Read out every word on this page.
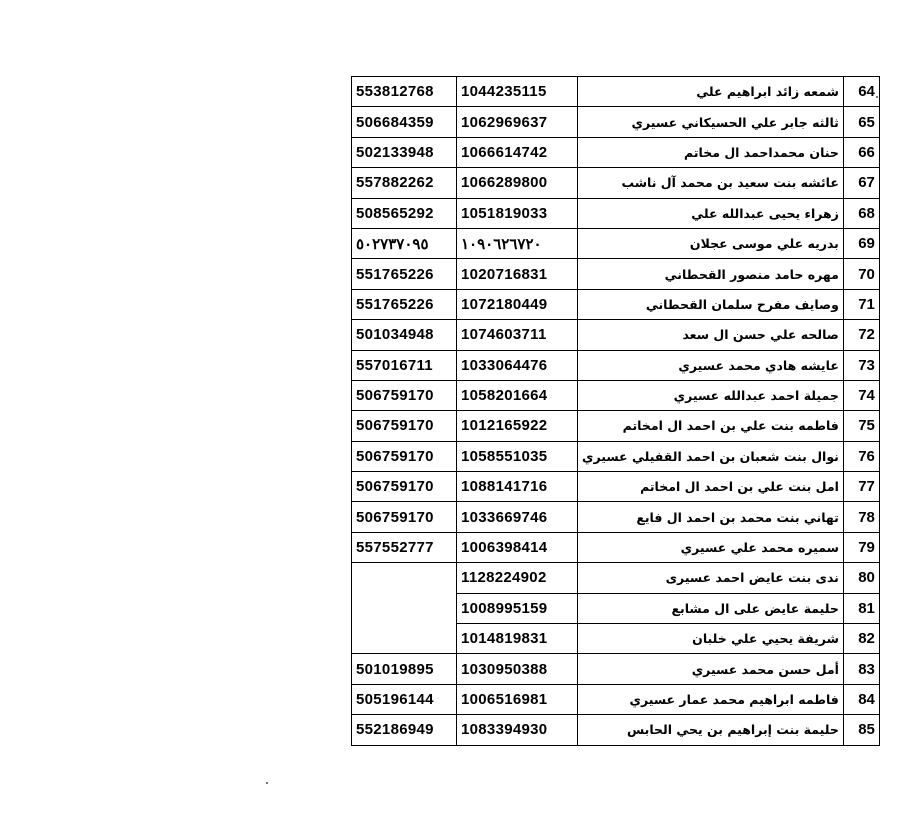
553812768	1044235115	شمعه زائد ابراهيم علي	64
506684359	1062969637	ثالثه جابر علي الحسيكاني عسيري	65
502133948	1066614742	حنان محمداحمد ال مخاتم	66
557882262	1066289800	عائشه بنت سعيد بن محمد آل ناشب	67
508565292	1051819033	زهراء يحيى عبدالله علي	68
٥٠٢٧٣٧٠٩٥	١٠٩٠٦٢٦٧٢٠	بدريه علي موسى عجلان	69
551765226	1020716831	مهره حامد منصور القحطاني	70
551765226	1072180449	وصايف مفرح سلمان القحطاني	71
501034948	1074603711	صالحه علي حسن ال سعد	72
557016711	1033064476	عايشه هادي محمد عسيري	73
506759170	1058201664	جميلة احمد عبدالله عسيري	74
506759170	1012165922	فاطمه بنت علي بن احمد ال امخاتم	75
506759170	1058551035	نوال بنت شعبان بن احمد القفيلي عسيري	76
506759170	1088141716	امل بنت علي بن احمد ال امخاتم	77
506759170	1033669746	تهاني بنت محمد بن احمد ال فايع	78
557552777	1006398414	سميره محمد علي عسيري	79
	1128224902	ندى بنت عايض احمد عسيرى	80
	1008995159	حليمة عايض على ال مشابع	81
	1014819831	شريفة يحيي علي خلبان	82
501019895	1030950388	أمل حسن محمد عسيري	83
505196144	1006516981	فاطمه ابراهيم محمد عمار عسيري	84
552186949	1083394930	حليمة بنت إبراهيم بن يحي الحابس	85
